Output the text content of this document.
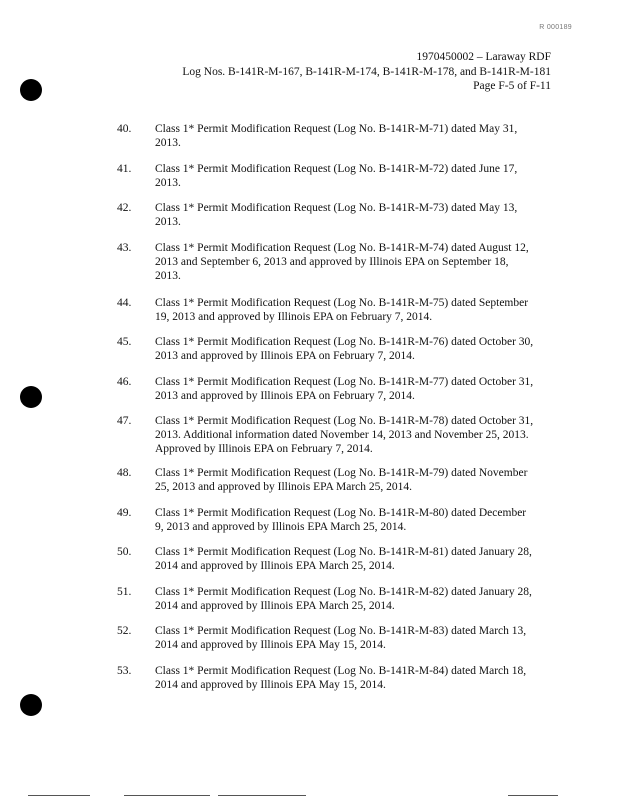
R 000189
1970450002 – Laraway RDF
Log Nos. B-141R-M-167, B-141R-M-174, B-141R-M-178, and B-141R-M-181
Page F-5 of F-11
40. Class 1* Permit Modification Request (Log No. B-141R-M-71) dated May 31,
2013.
41. Class 1* Permit Modification Request (Log No. B-141R-M-72) dated June 17,
2013.
42. Class 1* Permit Modification Request (Log No. B-141R-M-73) dated May 13,
2013.
43. Class 1* Permit Modification Request (Log No. B-141R-M-74) dated August 12,
2013 and September 6, 2013 and approved by Illinois EPA on September 18,
2013.
44. Class 1* Permit Modification Request (Log No. B-141R-M-75) dated September
19, 2013 and approved by Illinois EPA on February 7, 2014.
45. Class 1* Permit Modification Request (Log No. B-141R-M-76) dated October 30,
2013 and approved by Illinois EPA on February 7, 2014.
46. Class 1* Permit Modification Request (Log No. B-141R-M-77) dated October 31,
2013 and approved by Illinois EPA on February 7, 2014.
47. Class 1* Permit Modification Request (Log No. B-141R-M-78) dated October 31,
2013. Additional information dated November 14, 2013 and November 25, 2013.
Approved by Illinois EPA on February 7, 2014.
48. Class 1* Permit Modification Request (Log No. B-141R-M-79) dated November
25, 2013 and approved by Illinois EPA March 25, 2014.
49. Class 1* Permit Modification Request (Log No. B-141R-M-80) dated December
9, 2013 and approved by Illinois EPA March 25, 2014.
50. Class 1* Permit Modification Request (Log No. B-141R-M-81) dated January 28,
2014 and approved by Illinois EPA March 25, 2014.
51. Class 1* Permit Modification Request (Log No. B-141R-M-82) dated January 28,
2014 and approved by Illinois EPA March 25, 2014.
52. Class 1* Permit Modification Request (Log No. B-141R-M-83) dated March 13,
2014 and approved by Illinois EPA May 15, 2014.
53. Class 1* Permit Modification Request (Log No. B-141R-M-84) dated March 18,
2014 and approved by Illinois EPA May 15, 2014.
